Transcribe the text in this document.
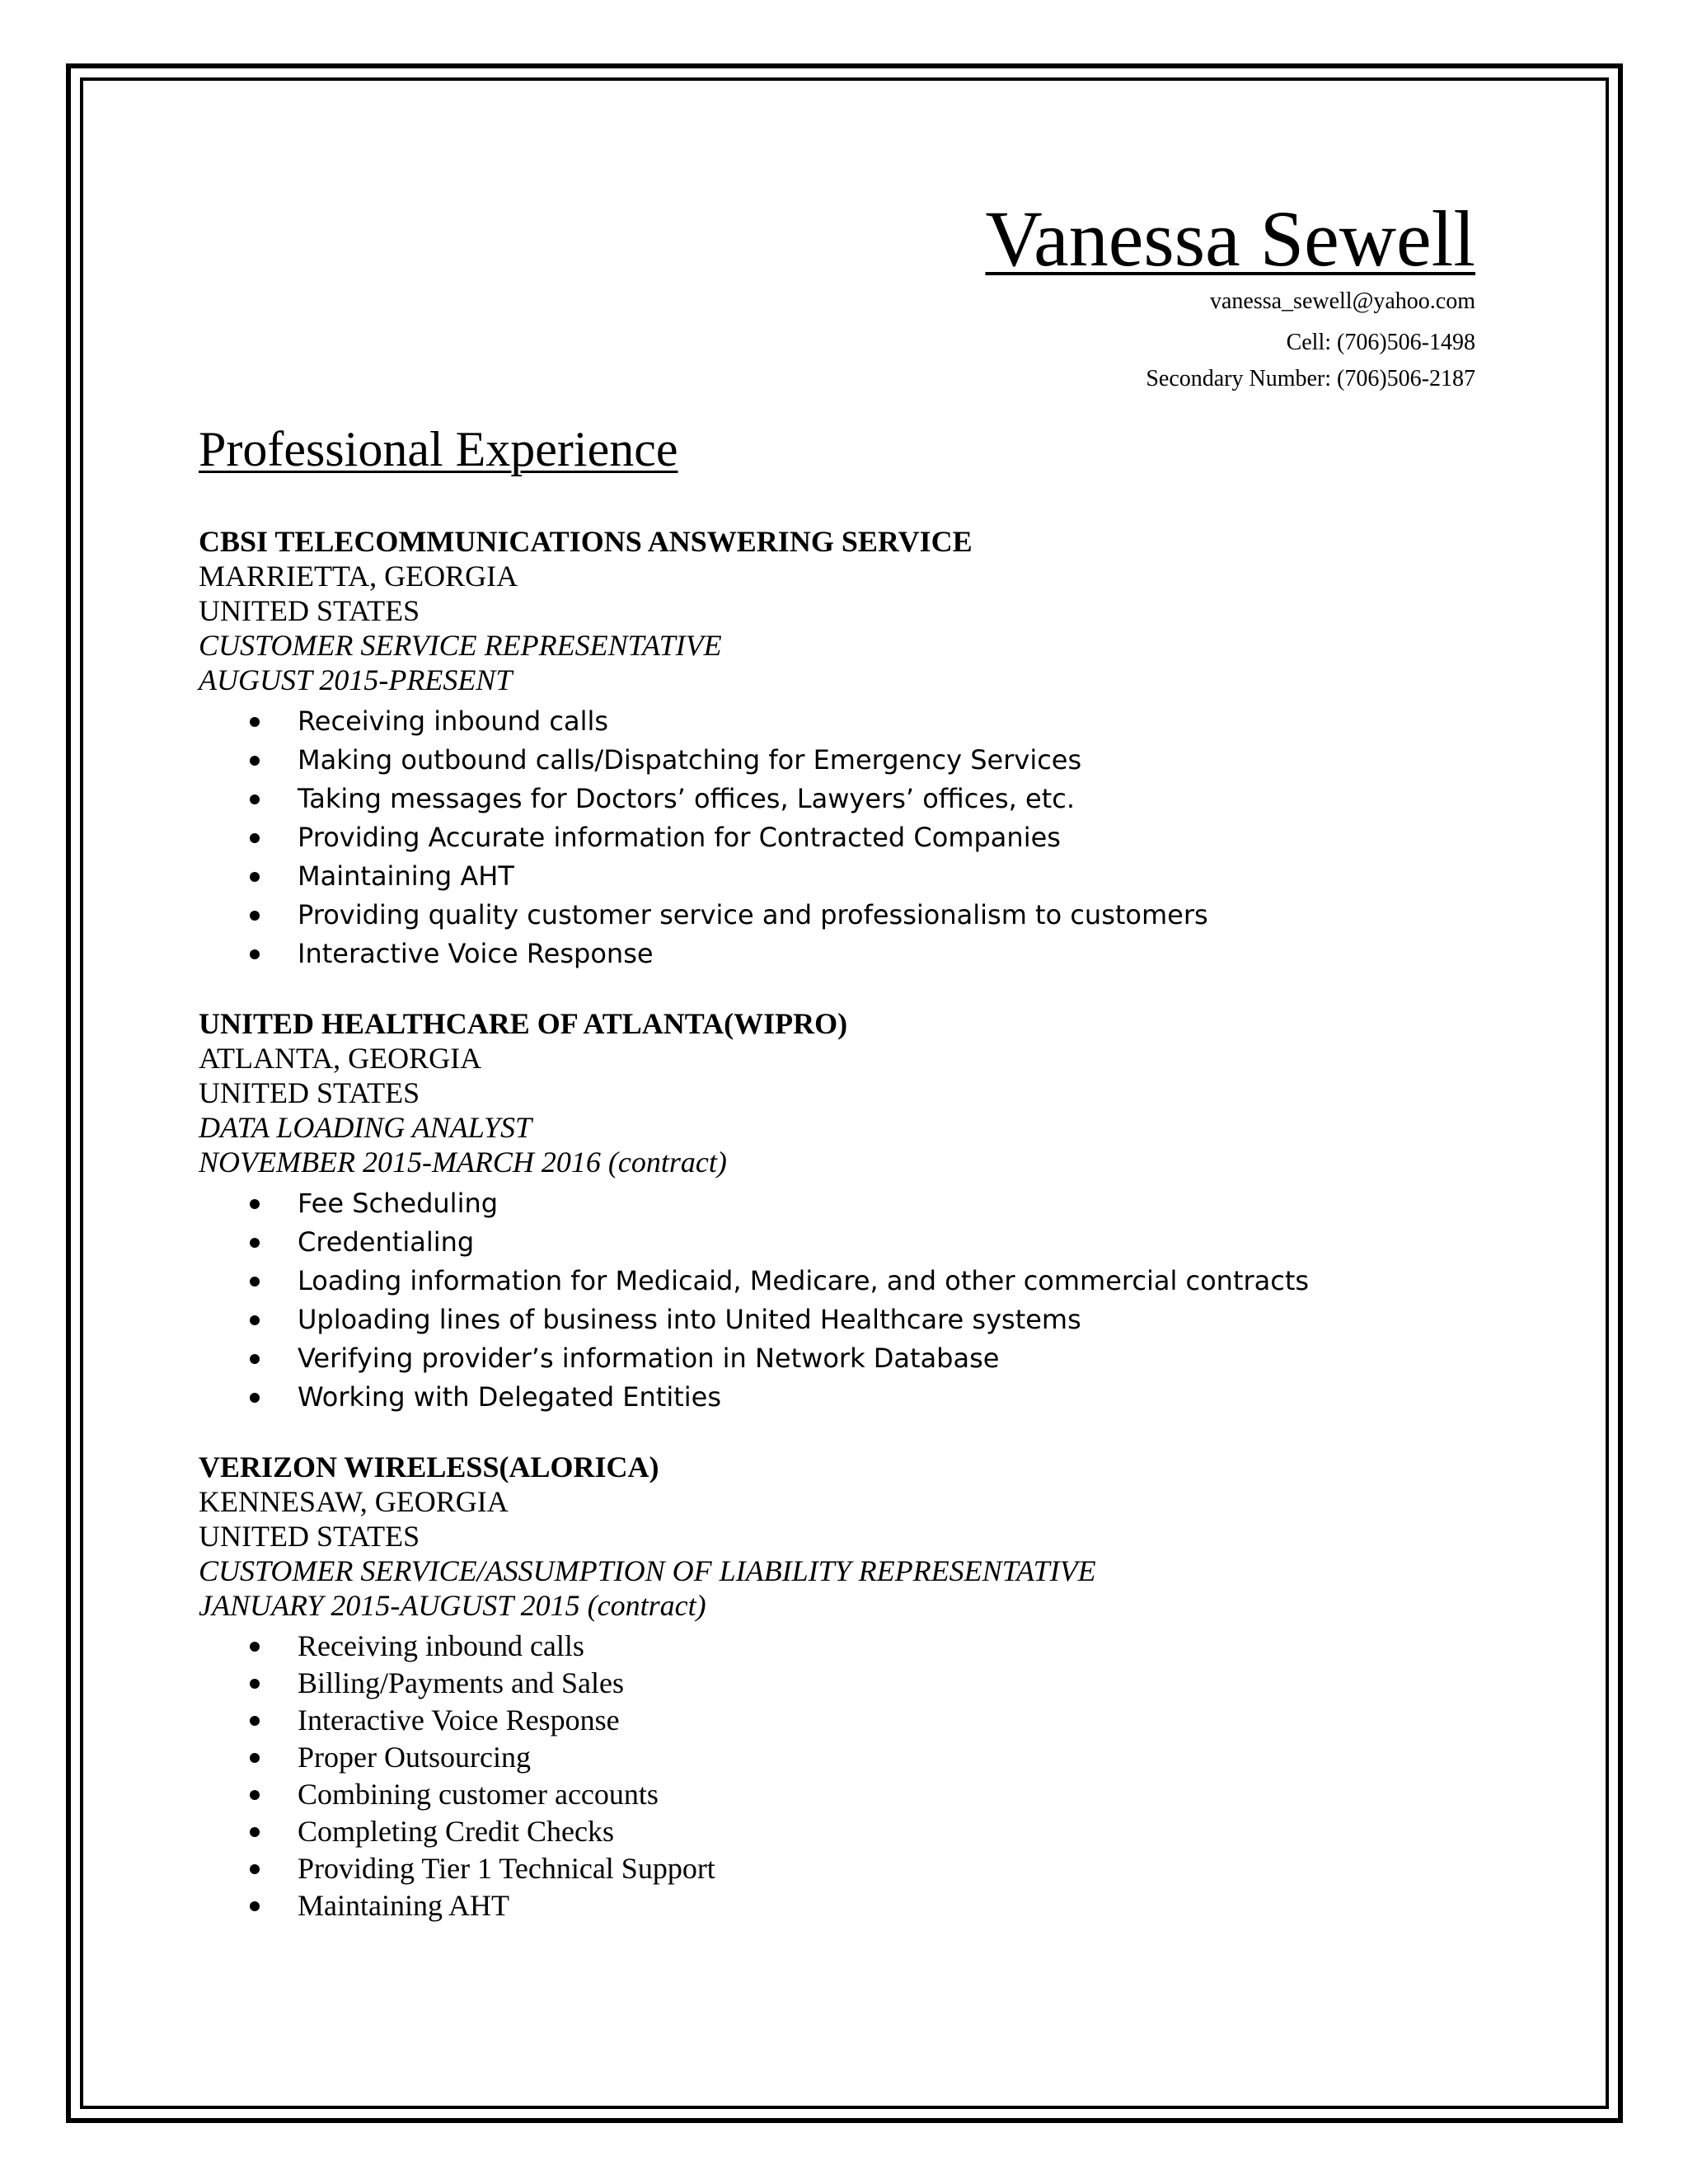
Vanessa Sewell
vanessa_sewell@yahoo.com
Cell: (706)506-1498
Secondary Number: (706)506-2187
Professional Experience
CBSI TELECOMMUNICATIONS ANSWERING SERVICE
MARRIETTA, GEORGIA
UNITED STATES
CUSTOMER SERVICE REPRESENTATIVE
AUGUST 2015-PRESENT
Receiving inbound calls
Making outbound calls/Dispatching for Emergency Services
Taking messages for Doctors’ offices, Lawyers’ offices, etc.
Providing Accurate information for Contracted Companies
Maintaining AHT
Providing quality customer service and professionalism to customers
Interactive Voice Response
UNITED HEALTHCARE OF ATLANTA(WIPRO)
ATLANTA, GEORGIA
UNITED STATES
DATA LOADING ANALYST
NOVEMBER 2015-MARCH 2016 (contract)
Fee Scheduling
Credentialing
Loading information for Medicaid, Medicare, and other commercial contracts
Uploading lines of business into United Healthcare systems
Verifying provider’s information in Network Database
Working with Delegated Entities
VERIZON WIRELESS(ALORICA)
KENNESAW, GEORGIA
UNITED STATES
CUSTOMER SERVICE/ASSUMPTION OF LIABILITY REPRESENTATIVE
JANUARY 2015-AUGUST 2015 (contract)
Receiving inbound calls
Billing/Payments and Sales
Interactive Voice Response
Proper Outsourcing
Combining customer accounts
Completing Credit Checks
Providing Tier 1 Technical Support
Maintaining AHT
